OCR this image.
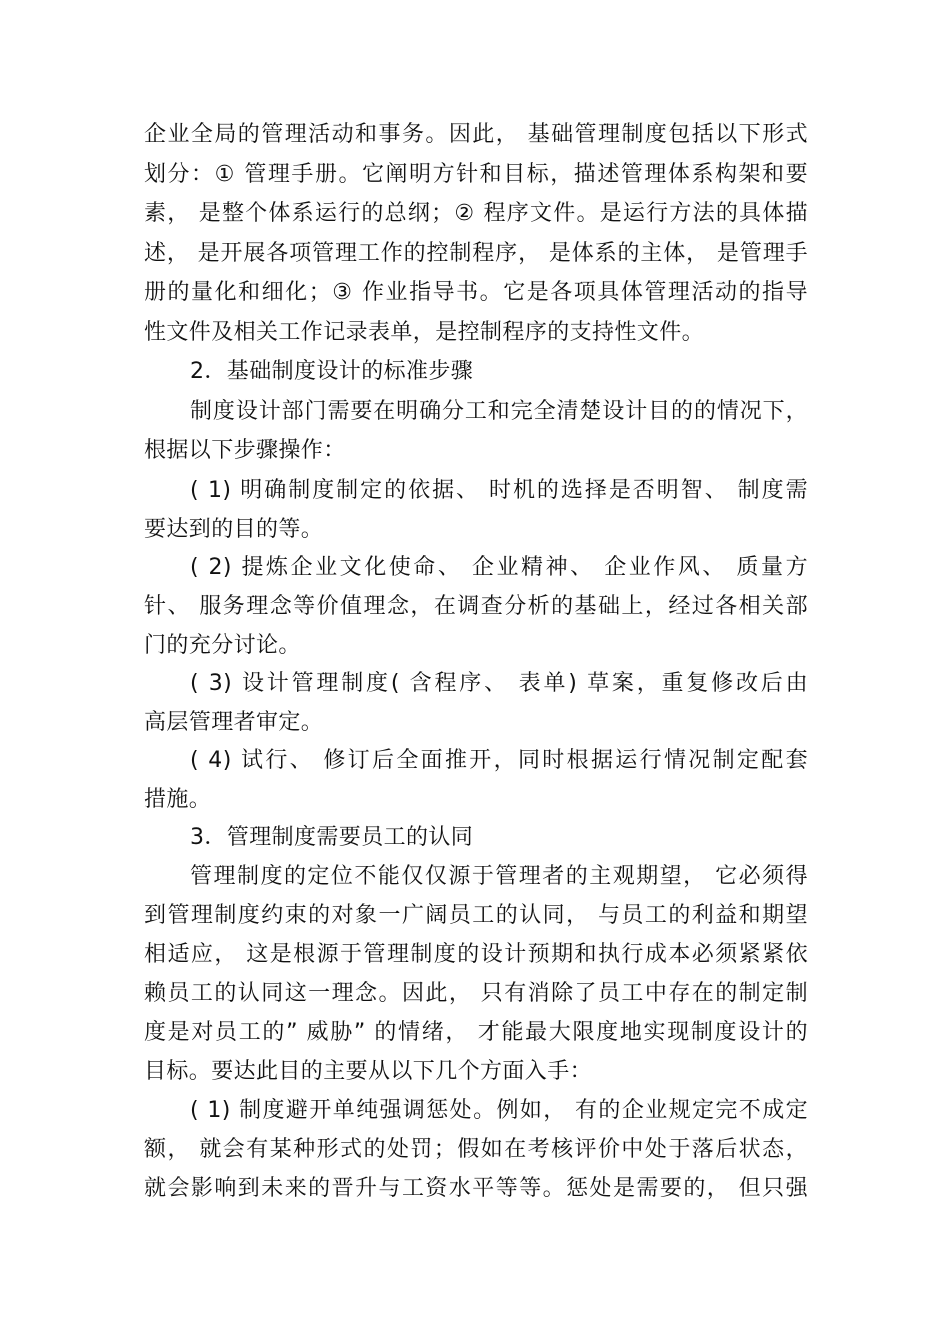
企业全局的管理活动和事务。因此， 基础管理制度包括以下形式
划分：① 管理手册。它阐明方针和目标，描述管理体系构架和要
素， 是整个体系运行的总纲；② 程序文件。是运行方法的具体描
述， 是开展各项管理工作的控制程序， 是体系的主体， 是管理手
册的量化和细化；③ 作业指导书。它是各项具体管理活动的指导
性文件及相关工作记录表单，是控制程序的支持性文件。
2．基础制度设计的标准步骤
制度设计部门需要在明确分工和完全清楚设计目的的情况下，
根据以下步骤操作：
( 1) 明确制度制定的依据、 时机的选择是否明智、 制度需
要达到的目的等。
( 2) 提炼企业文化使命、 企业精神、 企业作风、 质量方
针、 服务理念等价值理念，在调查分析的基础上，经过各相关部
门的充分讨论。
( 3) 设计管理制度( 含程序、 表单) 草案，重复修改后由
高层管理者审定。
( 4) 试行、 修订后全面推开，同时根据运行情况制定配套
措施。
3．管理制度需要员工的认同
管理制度的定位不能仅仅源于管理者的主观期望， 它必须得
到管理制度约束的对象一广阔员工的认同， 与员工的利益和期望
相适应， 这是根源于管理制度的设计预期和执行成本必须紧紧依
赖员工的认同这一理念。因此， 只有消除了员工中存在的制定制
度是对员工的” 威胁” 的情绪， 才能最大限度地实现制度设计的
目标。要达此目的主要从以下几个方面入手：
( 1) 制度避开单纯强调惩处。例如， 有的企业规定完不成定
额， 就会有某种形式的处罚；假如在考核评价中处于落后状态，
就会影响到未来的晋升与工资水平等等。惩处是需要的， 但只强
